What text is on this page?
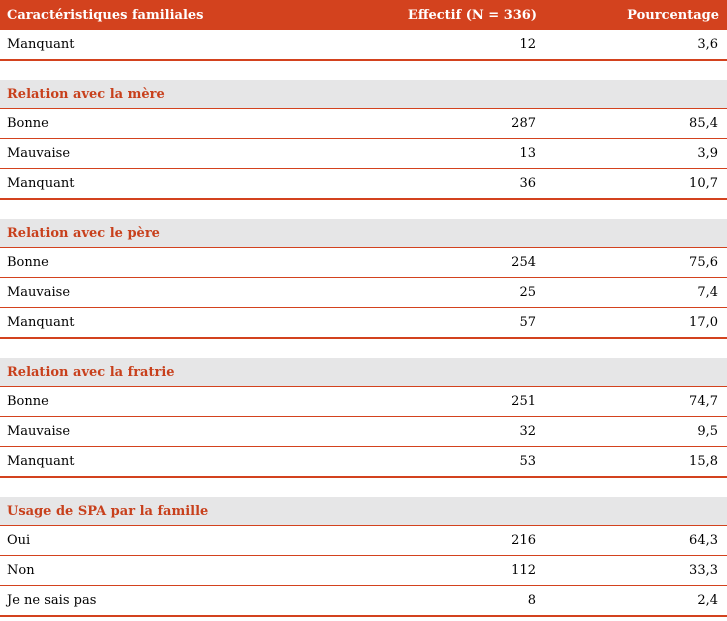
Caractéristiques familiales	Effectif (N = 336)	Pourcentage
Manquant	12	3,6

Relation avec la mère		
Bonne	287	85,4
Mauvaise	13	3,9
Manquant	36	10,7

Relation avec le père		
Bonne	254	75,6
Mauvaise	25	7,4
Manquant	57	17,0

Relation avec la fratrie		
Bonne	251	74,7
Mauvaise	32	9,5
Manquant	53	15,8

Usage de SPA par la famille		
Oui	216	64,3
Non	112	33,3
Je ne sais pas	8	2,4
